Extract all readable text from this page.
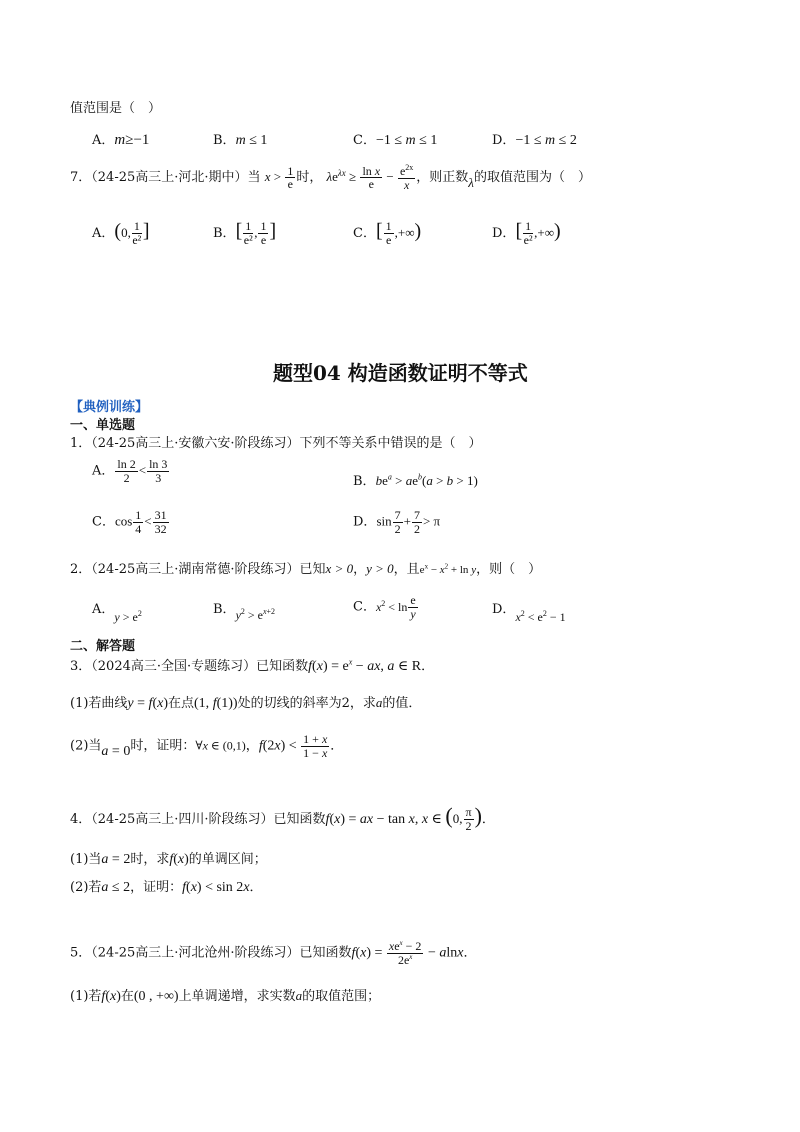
值范围是（　）
A．m≥−1	B．m ≤ 1	C．−1 ≤ m ≤ 1	D．−1 ≤ m ≤ 2
7．（24-25高三上·河北·期中）当 $x > \frac{1}{e}$ 时， $\lambda e^{\lambda x} \ge \frac{\text{ln x}}{e} - \frac{e^{2x}}{x}$ ，则正数λ的取值范围为（　）
A．(0, $\frac{1}{\text{e²}}$ ]	B．[ $\frac{1}{\text{e²}}$ , $\frac{1}{e}$ ]	C．[ $\frac{1}{e}$ ,+∞)	D．[ $\frac{1}{\text{e²}}$ ,+∞)
题型04 构造函数证明不等式
【典例训练】
一、单选题
1．（24-25高三上·安徽六安·阶段练习）下列不等关系中错误的是（　）
A． $\frac{\ln 2}{2} < \frac{\ln 3}{3}$	B．$be^a > ae^b(a > b > 1)$
C．$\cos \frac{1}{4} < \frac{31}{32}$	D．$\sin \frac{7}{2} + \frac{7}{2} > \pi$
2．（24-25高三上·湖南常德·阶段练习）已知x > 0，y > 0，且$e^x - x^2 + \ln y$，则（　）
A．$y > e^2$	B．$y^2 > e^{x+2}$	C．$x^2 < \ln \frac{e}{y}$	D．$x^2 < e^2 - 1$
二、解答题
3．（2024高三·全国·专题练习）已知函数$f(x) = e^x$ − ax, a ∈ R．
(1)若曲线y = f(x)在点(1, f(1))处的切线的斜率为2，求a的值．
(2)当a = 0时，证明：∀x ∈ (0,1)，$f(2x) < \frac{1 + x}{1 - x}$ ．
4．（24-25高三上·四川·阶段练习）已知函数f(x) = ax − tan x, x ∈ (0, $\frac{\pi}{2}$ )．
(1)当a = 2时，求f(x)的单调区间；
(2)若a ≤ 2，证明：f(x) < sin 2x．
5．（24-25高三上·河北沧州·阶段练习）已知函数$f(x) = \frac{xe^x - 2}{2e^x} - alnx$．
(1)若f(x)在(0 , +∞)上单调递增，求实数a的取值范围；
